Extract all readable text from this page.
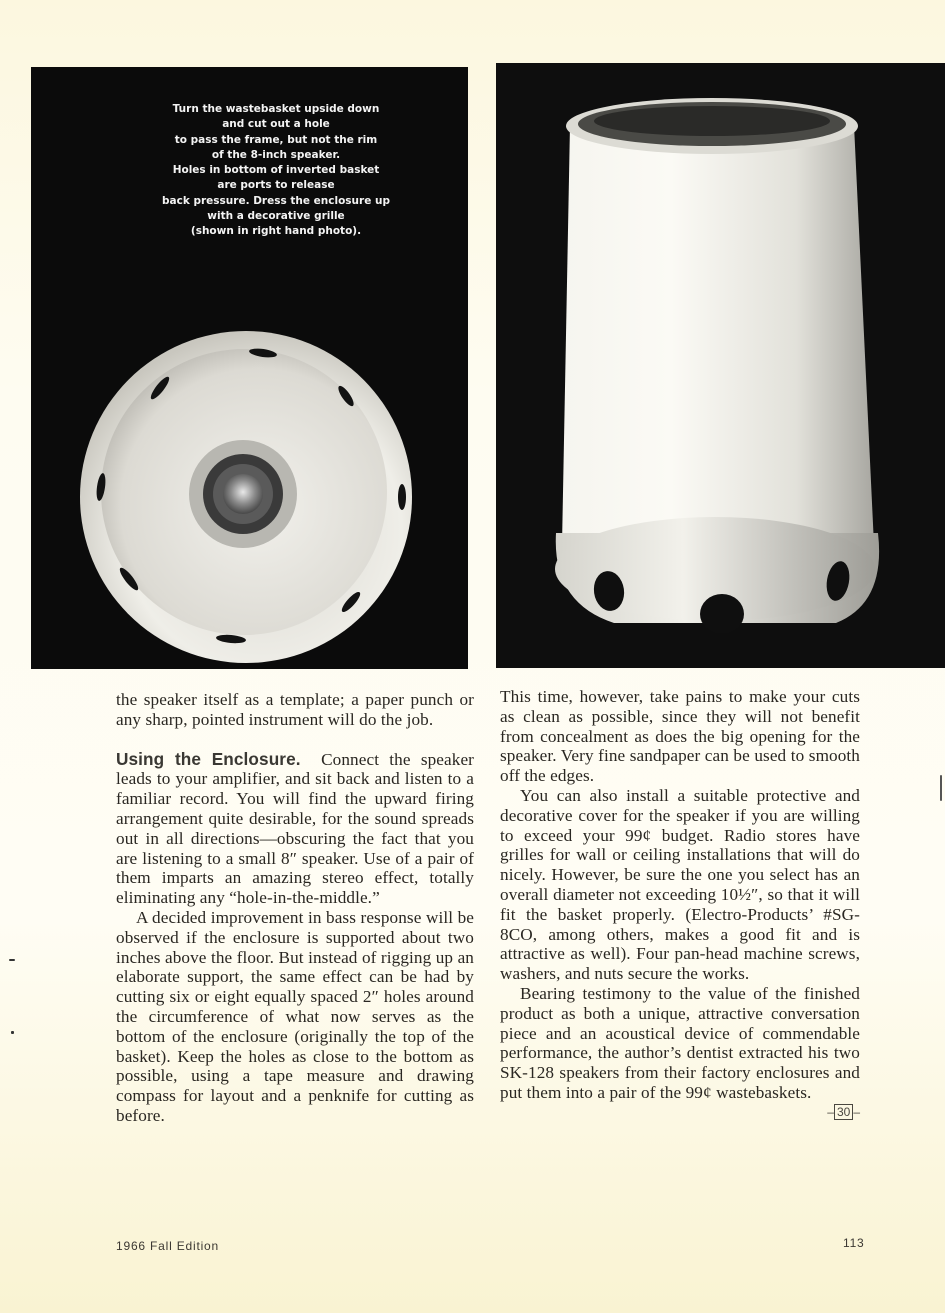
Turn the wastebasket upside down
and cut out a hole
to pass the frame, but not the rim
of the 8-inch speaker.
Holes in bottom of inverted basket
are ports to release
back pressure. Dress the enclosure up
with a decorative grille
(shown in right hand photo).

the speaker itself as a template; a paper punch or any sharp, pointed instrument will do the job.

Using the Enclosure. Connect the speaker leads to your amplifier, and sit back and listen to a familiar record. You will find the upward firing arrangement quite desirable, for the sound spreads out in all directions—obscuring the fact that you are listening to a small 8″ speaker. Use of a pair of them imparts an amazing stereo effect, totally eliminating any “hole-in-the-middle.”

A decided improvement in bass response will be observed if the enclosure is supported about two inches above the floor. But instead of rigging up an elaborate support, the same effect can be had by cutting six or eight equally spaced 2″ holes around the circumference of what now serves as the bottom of the enclosure (originally the top of the basket). Keep the holes as close to the bottom as possible, using a tape measure and drawing compass for layout and a penknife for cutting as before.

This time, however, take pains to make your cuts as clean as possible, since they will not benefit from concealment as does the big opening for the speaker. Very fine sandpaper can be used to smooth off the edges.

You can also install a suitable protective and decorative cover for the speaker if you are willing to exceed your 99¢ budget. Radio stores have grilles for wall or ceiling installations that will do nicely. However, be sure the one you select has an overall diameter not exceeding 10½″, so that it will fit the basket properly. (Electro-Products’ #SG-8CO, among others, makes a good fit and is attractive as well). Four pan-head machine screws, washers, and nuts secure the works.

Bearing testimony to the value of the finished product as both a unique, attractive conversation piece and an acoustical device of commendable performance, the author’s dentist extracted his two SK-128 speakers from their factory enclosures and put them into a pair of the 99¢ wastebaskets.
– 30 –

1966 Fall Edition	113
